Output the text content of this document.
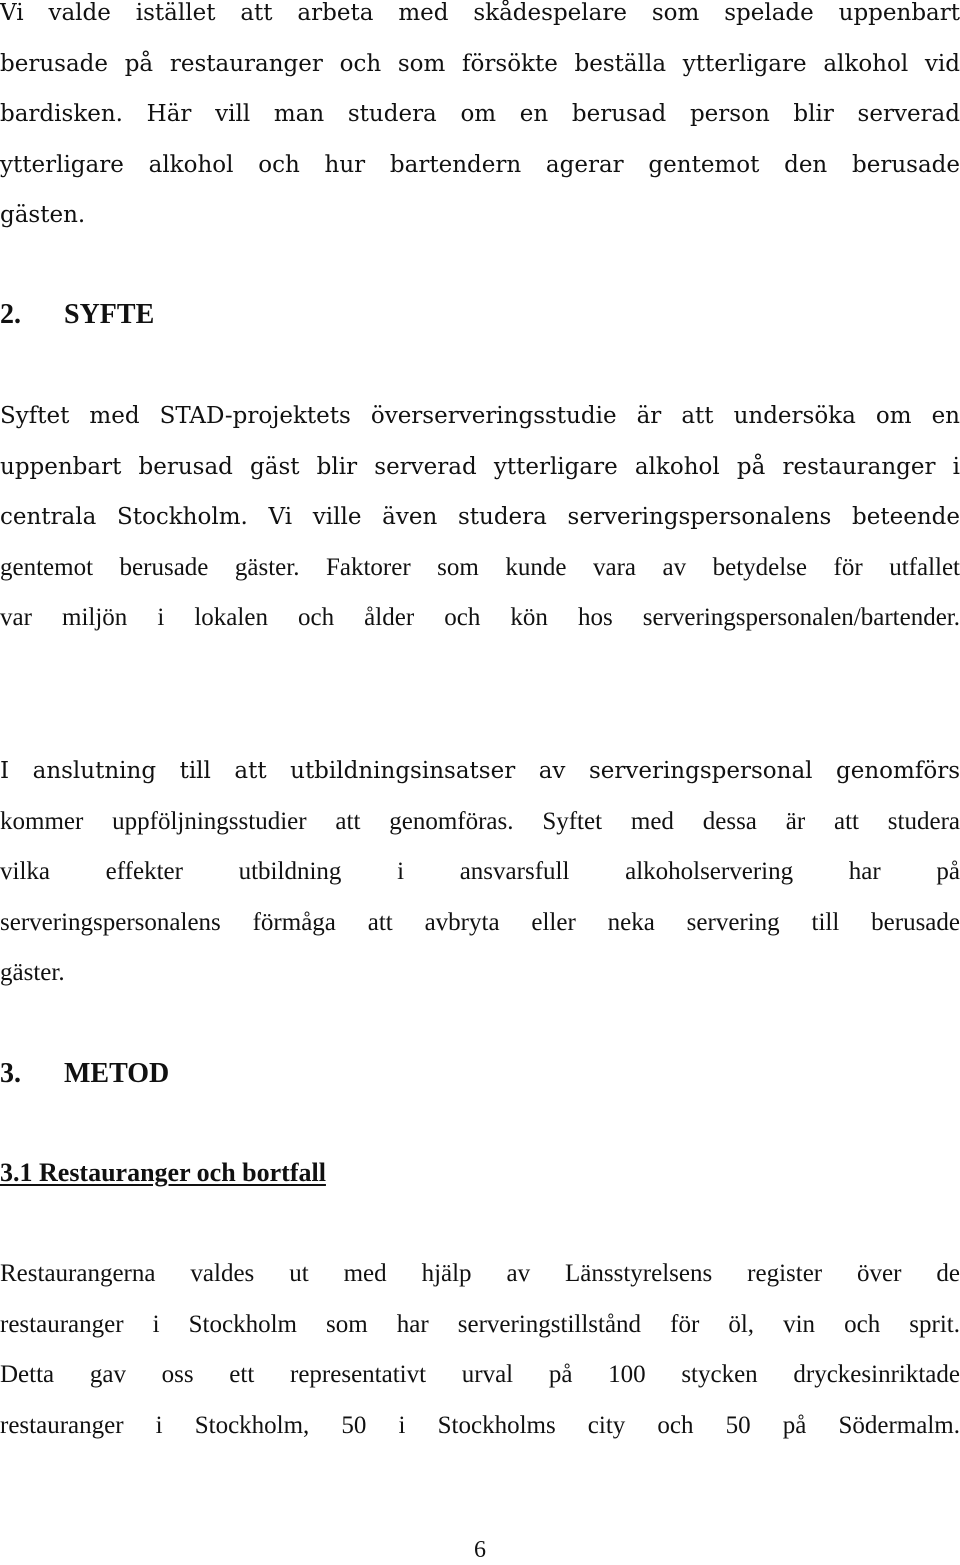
Vi valde istället att arbeta med skådespelare som spelade uppenbart
berusade på restauranger och som försökte beställa ytterligare alkohol vid
bardisken. Här vill man studera om en berusad person blir serverad
ytterligare alkohol och hur bartendern agerar gentemot den berusade
gästen.

2. SYFTE

Syftet med STAD-projektets överserveringsstudie är att undersöka om en
uppenbart berusad gäst blir serverad ytterligare alkohol på restauranger i
centrala Stockholm. Vi ville även studera serveringspersonalens beteende
gentemot berusade gäster. Faktorer som kunde vara av betydelse för utfallet
var miljön i lokalen och ålder och kön hos serveringspersonalen/bartender.

I anslutning till att utbildningsinsatser av serveringspersonal genomförs
kommer uppföljningsstudier att genomföras. Syftet med dessa är att studera
vilka effekter utbildning i ansvarsfull alkoholservering har på
serveringspersonalens förmåga att avbryta eller neka servering till berusade
gäster.

3. METOD
3.1 Restauranger och bortfall

Restaurangerna valdes ut med hjälp av Länsstyrelsens register över de
restauranger i Stockholm som har serveringstillstånd för öl, vin och sprit.
Detta gav oss ett representativt urval på 100 stycken dryckesinriktade
restauranger i Stockholm, 50 i Stockholms city och 50 på Södermalm.

6
